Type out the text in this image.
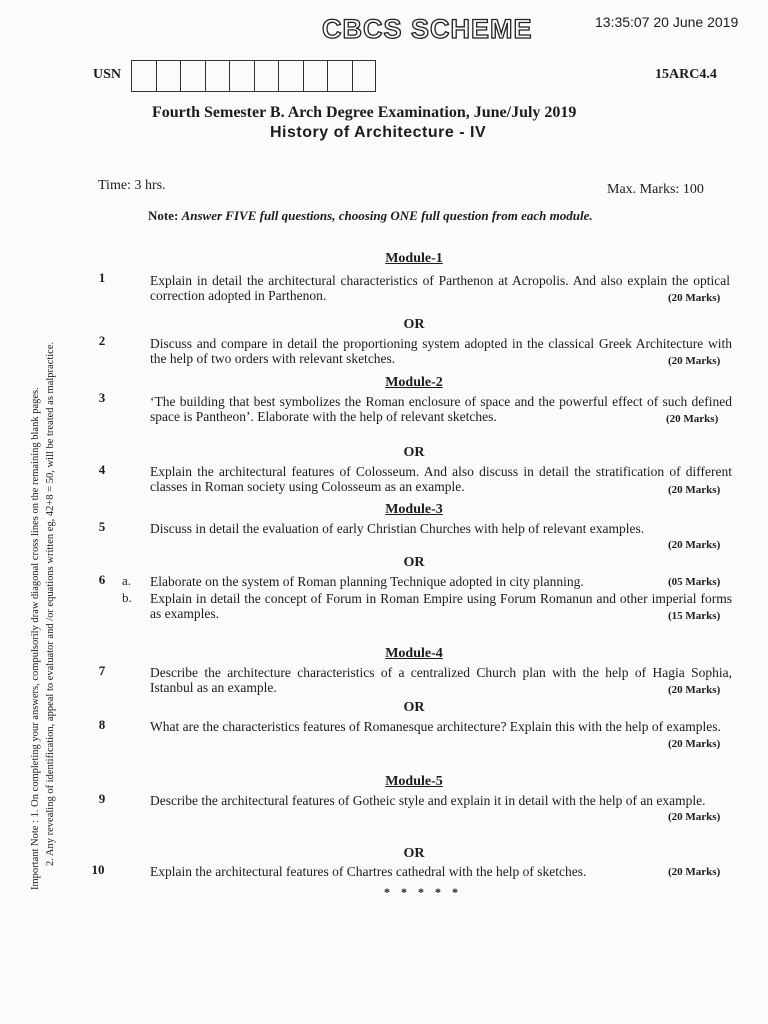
CBCS SCHEME	13:35:07 20 June 2019
USN	15ARC4.4
Fourth Semester B. Arch Degree Examination, June/July 2019
History of Architecture - IV
Time: 3 hrs.	Max. Marks: 100
Note: Answer FIVE full questions, choosing ONE full question from each module.
Important Note : 1. On completing your answers, compulsorily draw diagonal cross lines on the remaining blank pages. 2. Any revealing of identification, appeal to evaluator and /or equations written eg, 42+8 = 50, will be treated as malpractice.
Module-1
1	Explain in detail the architectural characteristics of Parthenon at Acropolis. And also explain the optical correction adopted in Parthenon.	(20 Marks)
OR
2	Discuss and compare in detail the proportioning system adopted in the classical Greek Architecture with the help of two orders with relevant sketches.	(20 Marks)
Module-2
3	‘The building that best symbolizes the Roman enclosure of space and the powerful effect of such defined space is Pantheon’. Elaborate with the help of relevant sketches.	(20 Marks)
OR
4	Explain the architectural features of Colosseum. And also discuss in detail the stratification of different classes in Roman society using Colosseum as an example.	(20 Marks)
Module-3
5	Discuss in detail the evaluation of early Christian Churches with help of relevant examples.
(20 Marks)
OR
6	a. Elaborate on the system of Roman planning Technique adopted in city planning.	(05 Marks)
b. Explain in detail the concept of Forum in Roman Empire using Forum Romanun and other imperial forms as examples.	(15 Marks)
Module-4
7	Describe the architecture characteristics of a centralized Church plan with the help of Hagia Sophia, Istanbul as an example.	(20 Marks)
OR
8	What are the characteristics features of Romanesque architecture? Explain this with the help of examples.
(20 Marks)
Module-5
9	Describe the architectural features of Gotheic style and explain it in detail with the help of an example.
(20 Marks)
OR
10	Explain the architectural features of Chartres cathedral with the help of sketches.	(20 Marks)
* * * * *
